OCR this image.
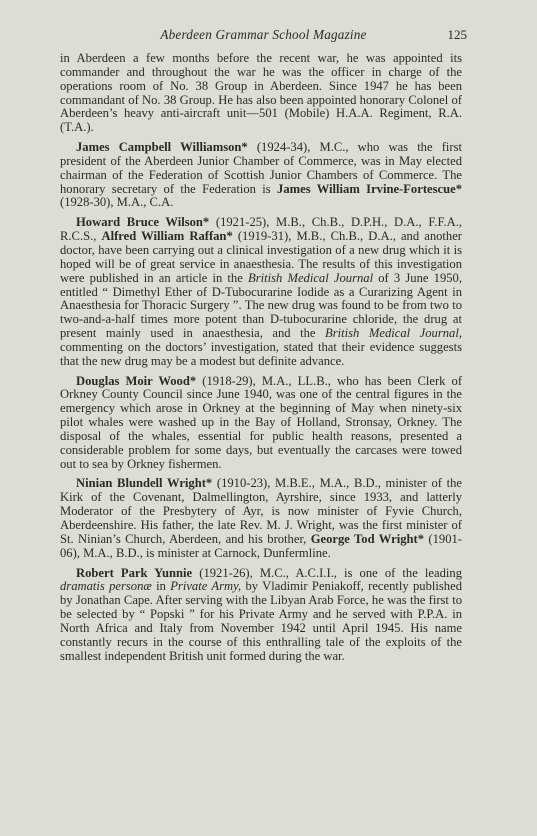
Aberdeen Grammar School Magazine	125

in Aberdeen a few months before the recent war, he was appointed its commander and throughout the war he was the officer in charge of the operations room of No. 38 Group in Aberdeen. Since 1947 he has been commandant of No. 38 Group. He has also been appointed honorary Colonel of Aberdeen’s heavy anti-aircraft unit—501 (Mobile) H.A.A. Regiment, R.A. (T.A.).

James Campbell Williamson* (1924-34), M.C., who was the first president of the Aberdeen Junior Chamber of Commerce, was in May elected chairman of the Federation of Scottish Junior Chambers of Commerce. The honorary secretary of the Federation is James William Irvine-Fortescue* (1928-30), M.A., C.A.

Howard Bruce Wilson* (1921-25), M.B., Ch.B., D.P.H., D.A., F.F.A., R.C.S., Alfred William Raffan* (1919-31), M.B., Ch.B., D.A., and another doctor, have been carrying out a clinical investigation of a new drug which it is hoped will be of great service in anaesthesia. The results of this investigation were published in an article in the British Medical Journal of 3 June 1950, entitled “ Dimethyl Ether of D-Tubocurarine Iodide as a Curarizing Agent in Anaesthesia for Thoracic Surgery ”. The new drug was found to be from two to two-and-a-half times more potent than D-tubocurarine chloride, the drug at present mainly used in anaesthesia, and the British Medical Journal, commenting on the doctors’ investigation, stated that their evidence suggests that the new drug may be a modest but definite advance.

Douglas Moir Wood* (1918-29), M.A., LL.B., who has been Clerk of Orkney County Council since June 1940, was one of the central figures in the emergency which arose in Orkney at the beginning of May when ninety-six pilot whales were washed up in the Bay of Holland, Stronsay, Orkney. The disposal of the whales, essential for public health reasons, presented a considerable problem for some days, but eventually the carcases were towed out to sea by Orkney fishermen.

Ninian Blundell Wright* (1910-23), M.B.E., M.A., B.D., minister of the Kirk of the Covenant, Dalmellington, Ayrshire, since 1933, and latterly Moderator of the Presbytery of Ayr, is now minister of Fyvie Church, Aberdeenshire. His father, the late Rev. M. J. Wright, was the first minister of St. Ninian’s Church, Aberdeen, and his brother, George Tod Wright* (1901-06), M.A., B.D., is minister at Carnock, Dunfermline.

Robert Park Yunnie (1921-26), M.C., A.C.I.I., is one of the leading dramatis personæ in Private Army, by Vladimir Peniakoff, recently published by Jonathan Cape. After serving with the Libyan Arab Force, he was the first to be selected by “ Popski ” for his Private Army and he served with P.P.A. in North Africa and Italy from November 1942 until April 1945. His name constantly recurs in the course of this enthralling tale of the exploits of the smallest independent British unit formed during the war.
